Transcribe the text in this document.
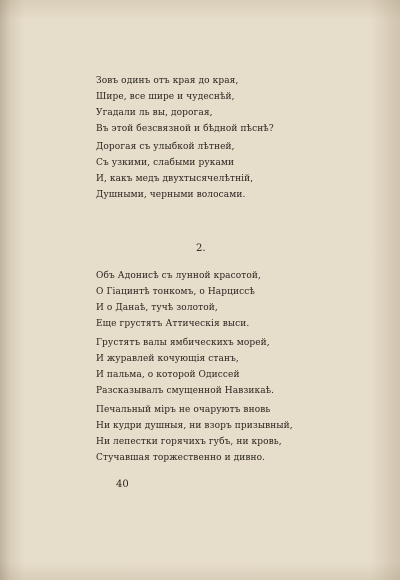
Зовъ одинъ отъ края до края,
Шире, все шире и чудеснѣй,
Угадали ль вы, дорогая,
Въ этой безсвязной и бѣдной пѣснѣ?
Дорогая съ улыбкой лѣтней,
Съ узкими, слабыми руками
И, какъ медъ двухтысячелѣтній,
Душными, черными волосами.
2.
Объ Адонисѣ съ лунной красотой,
О Гіацинтѣ тонкомъ, о Нарциссѣ
И о Данаѣ, тучѣ золотой,
Еще грустятъ Аттическія выси.
Грустятъ валы ямбическихъ морей,
И журавлей кочующія станъ,
И пальма, о которой Одиссей
Разсказывалъ смущенной Навзикаѣ.
Печальный міръ не очаруютъ вновь
Ни кудри душныя, ни взоръ призывный,
Ни лепестки горячихъ губъ, ни кровь,
Стучавшая торжественно и дивно.
40
